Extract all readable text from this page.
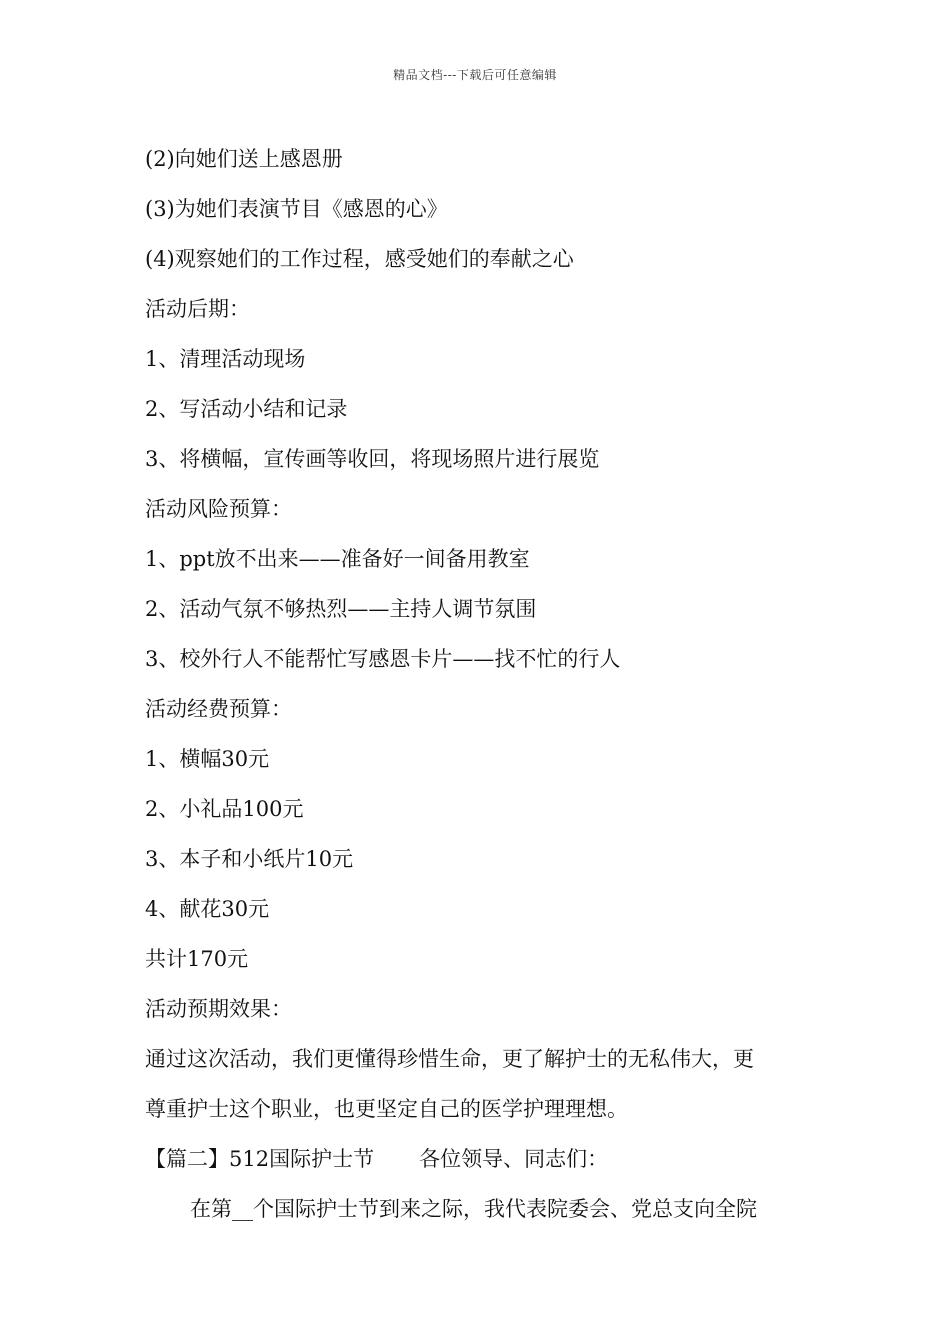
精品文档---下载后可任意编辑
(2)向她们送上感恩册
(3)为她们表演节目《感恩的心》
(4)观察她们的工作过程，感受她们的奉献之心
活动后期：
1、清理活动现场
2、写活动小结和记录
3、将横幅，宣传画等收回，将现场照片进行展览
活动风险预算：
1、ppt放不出来——准备好一间备用教室
2、活动气氛不够热烈——主持人调节氛围
3、校外行人不能帮忙写感恩卡片——找不忙的行人
活动经费预算：
1、横幅30元
2、小礼品100元
3、本子和小纸片10元
4、献花30元
共计170元
活动预期效果：
通过这次活动，我们更懂得珍惜生命，更了解护士的无私伟大，更
尊重护士这个职业，也更坚定自己的医学护理理想。
【篇二】512国际护士节 各位领导、同志们：
在第__个国际护士节到来之际，我代表院委会、党总支向全院
